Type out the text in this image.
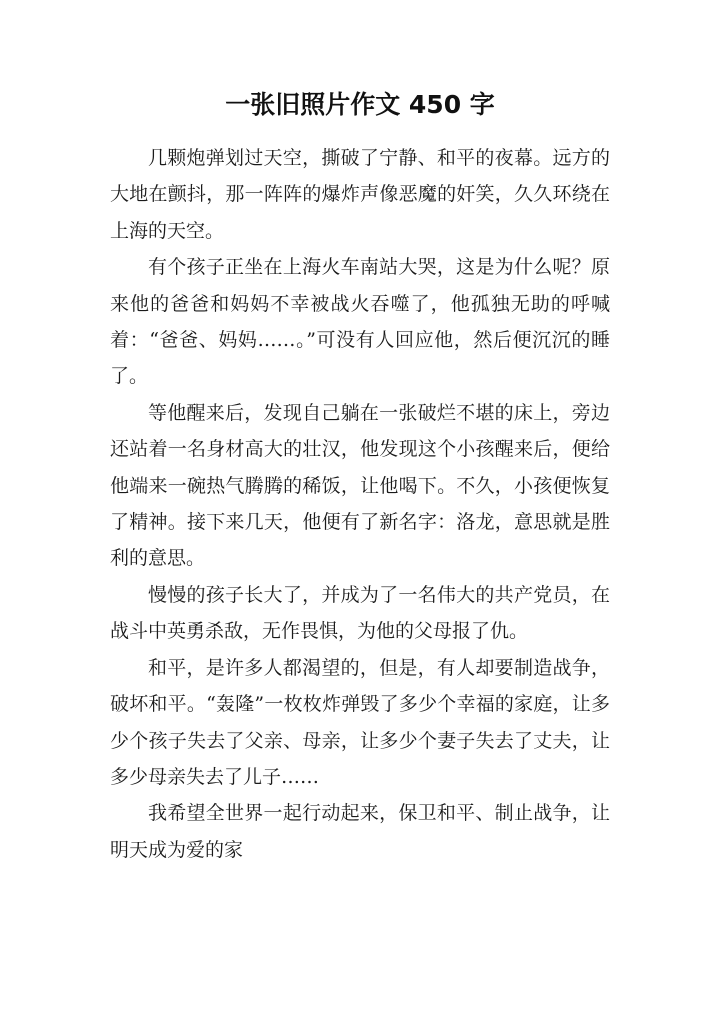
一张旧照片作文 450 字

几颗炮弹划过天空，撕破了宁静、和平的夜幕。远方的大地在颤抖，那一阵阵的爆炸声像恶魔的奸笑，久久环绕在上海的天空。

有个孩子正坐在上海火车南站大哭，这是为什么呢？原来他的爸爸和妈妈不幸被战火吞噬了，他孤独无助的呼喊着：“爸爸、妈妈……。”可没有人回应他，然后便沉沉的睡了。

等他醒来后，发现自己躺在一张破烂不堪的床上，旁边还站着一名身材高大的壮汉，他发现这个小孩醒来后，便给他端来一碗热气腾腾的稀饭，让他喝下。不久，小孩便恢复了精神。接下来几天，他便有了新名字：洛龙，意思就是胜利的意思。

慢慢的孩子长大了，并成为了一名伟大的共产党员，在战斗中英勇杀敌，无作畏惧，为他的父母报了仇。

和平，是许多人都渴望的，但是，有人却要制造战争，破坏和平。“轰隆”一枚枚炸弹毁了多少个幸福的家庭，让多少个孩子失去了父亲、母亲，让多少个妻子失去了丈夫，让多少母亲失去了儿子……

我希望全世界一起行动起来，保卫和平、制止战争，让明天成为爱的家
